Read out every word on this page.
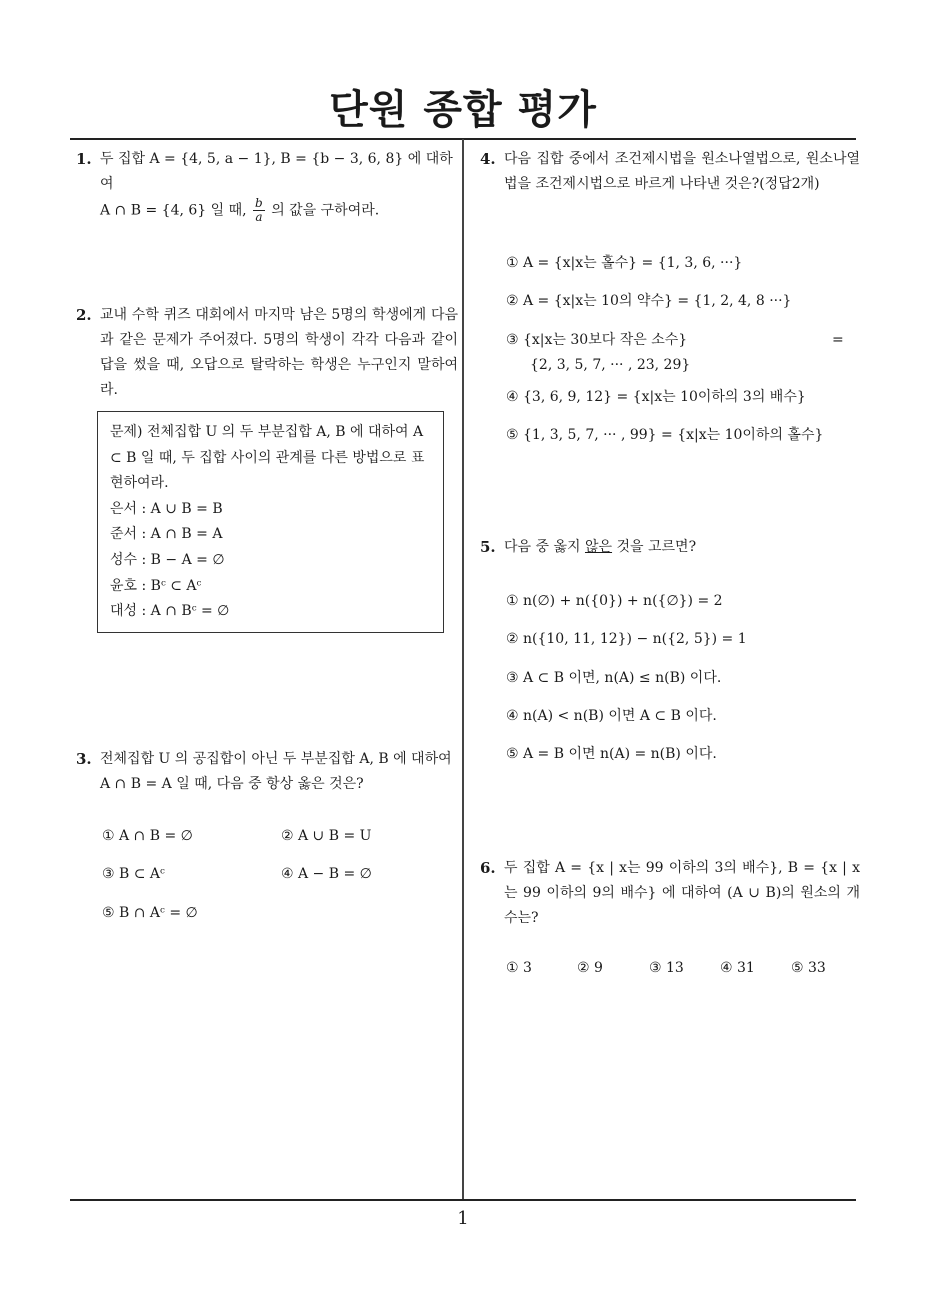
단원 종합 평가
1. 두 집합 A = {4, 5, a − 1}, B = {b − 3, 6, 8} 에 대하여
A ∩ B = {4, 6} 일 때, $\frac{b}{a}$ 의 값을 구하여라.
2. 교내 수학 퀴즈 대회에서 마지막 남은 5명의 학생에게 다음과 같은 문제가 주어졌다. 5명의 학생이 각각 다음과 같이 답을 썼을 때, 오답으로 탈락하는 학생은 누구인지 말하여라.
문제) 전체집합 U 의 두 부분집합 A, B 에 대하여 A ⊂ B 일 때, 두 집합 사이의 관계를 다른 방법으로 표현하여라.
은서 : A ∪ B = B
준서 : A ∩ B = A
성수 : B − A = ∅
윤호 : Bᶜ ⊂ Aᶜ
대성 : A ∩ Bᶜ = ∅
3. 전체집합 U 의 공집합이 아닌 두 부분집합 A, B 에 대하여 A ∩ B = A 일 때, 다음 중 항상 옳은 것은?
① A ∩ B = ∅	② A ∪ B = U
③ B ⊂ Aᶜ	④ A − B = ∅
⑤ B ∩ Aᶜ = ∅
4. 다음 집합 중에서 조건제시법을 원소나열법으로, 원소나열법을 조건제시법으로 바르게 나타낸 것은?(정답2개)
① A = {x|x는 홀수} = {1, 3, 6, ···}
② A = {x|x는 10의 약수} = {1, 2, 4, 8 ···}
③ {x|x는 30보다 작은 소수}	=
{2, 3, 5, 7, ··· , 23, 29}
④ {3, 6, 9, 12} = {x|x는 10이하의 3의 배수}
⑤ {1, 3, 5, 7, ··· , 99} = {x|x는 10이하의 홀수}
5. 다음 중 옳지 않은 것을 고르면?
① n(∅) + n({0}) + n({∅}) = 2
② n({10, 11, 12}) − n({2, 5}) = 1
③ A ⊂ B 이면, n(A) ≤ n(B) 이다.
④ n(A) < n(B) 이면 A ⊂ B 이다.
⑤ A = B 이면 n(A) = n(B) 이다.
6. 두 집합 A = {x | x는 99 이하의 3의 배수}, B = {x | x는 99 이하의 9의 배수} 에 대하여 (A ∪ B)의 원소의 개수는?
① 3	② 9	③ 13	④ 31	⑤ 33
1
